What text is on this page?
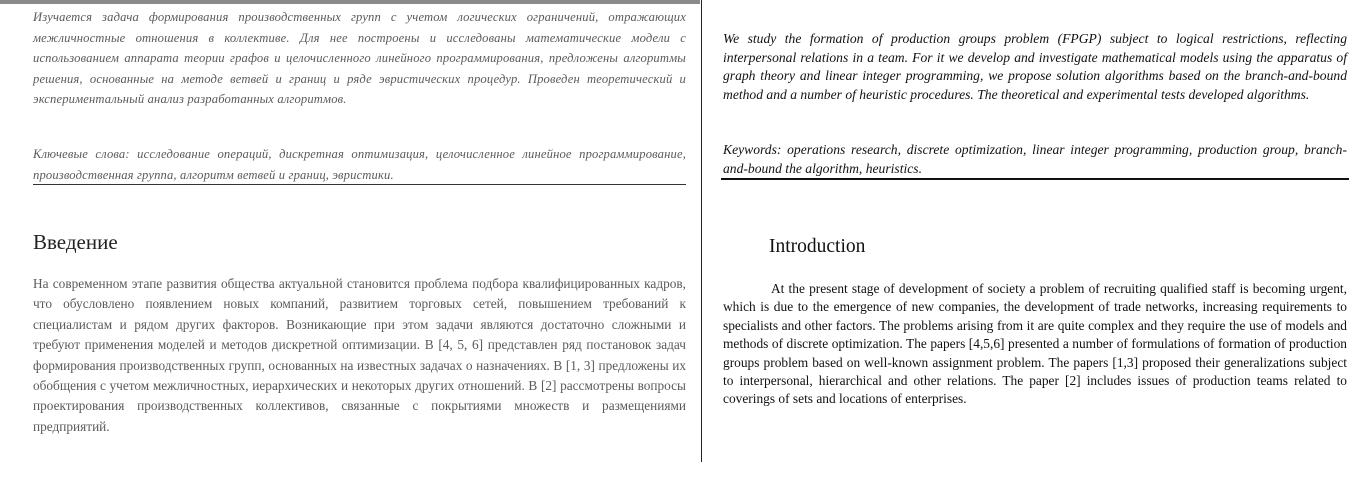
Изучается задача формирования производственных групп с учетом логических ограничений, отражающих межличностные отношения в коллективе. Для нее построены и исследованы математические модели с использованием аппарата теории графов и целочисленного линейного программирования, предложены алгоритмы решения, основанные на методе ветвей и границ и ряде эвристических процедур. Проведен теоретический и экспериментальный анализ разработанных алгоритмов.

Ключевые слова: исследование операций, дискретная оптимизация, целочисленное линейное программирование, производственная группа, алгоритм ветвей и границ, эвристики.

Введение

На современном этапе развития общества актуальной становится проблема подбора квалифицированных кадров, что обусловлено появлением новых компаний, развитием торговых сетей, повышением требований к специалистам и рядом других факторов. Возникающие при этом задачи являются достаточно сложными и требуют применения моделей и методов дискретной оптимизации. В [4, 5, 6] представлен ряд постановок задач формирования производственных групп, основанных на известных задачах о назначениях. В [1, 3] предложены их обобщения с учетом межличностных, иерархических и некоторых других отношений. В [2] рассмотрены вопросы проектирования производственных коллективов, связанные с покрытиями множеств и размещениями предприятий.

We study the formation of production groups problem (FPGP) subject to logical restrictions, reflecting interpersonal relations in a team. For it we develop and investigate mathematical models using the apparatus of graph theory and linear integer programming, we propose solution algorithms based on the branch-and-bound method and a number of heuristic procedures. The theoretical and experimental tests developed algorithms.

Keywords: operations research, discrete optimization, linear integer programming, production group, branch-and-bound the algorithm, heuristics.

Introduction

At the present stage of development of society a problem of recruiting qualified staff is becoming urgent, which is due to the emergence of new companies, the development of trade networks, increasing requirements to specialists and other factors. The problems arising from it are quite complex and they require the use of models and methods of discrete optimization. The papers [4,5,6] presented a number of formulations of formation of production groups problem based on well-known assignment problem. The papers [1,3] proposed their generalizations subject to interpersonal, hierarchical and other relations. The paper [2] includes issues of production teams related to coverings of sets and locations of enterprises.
